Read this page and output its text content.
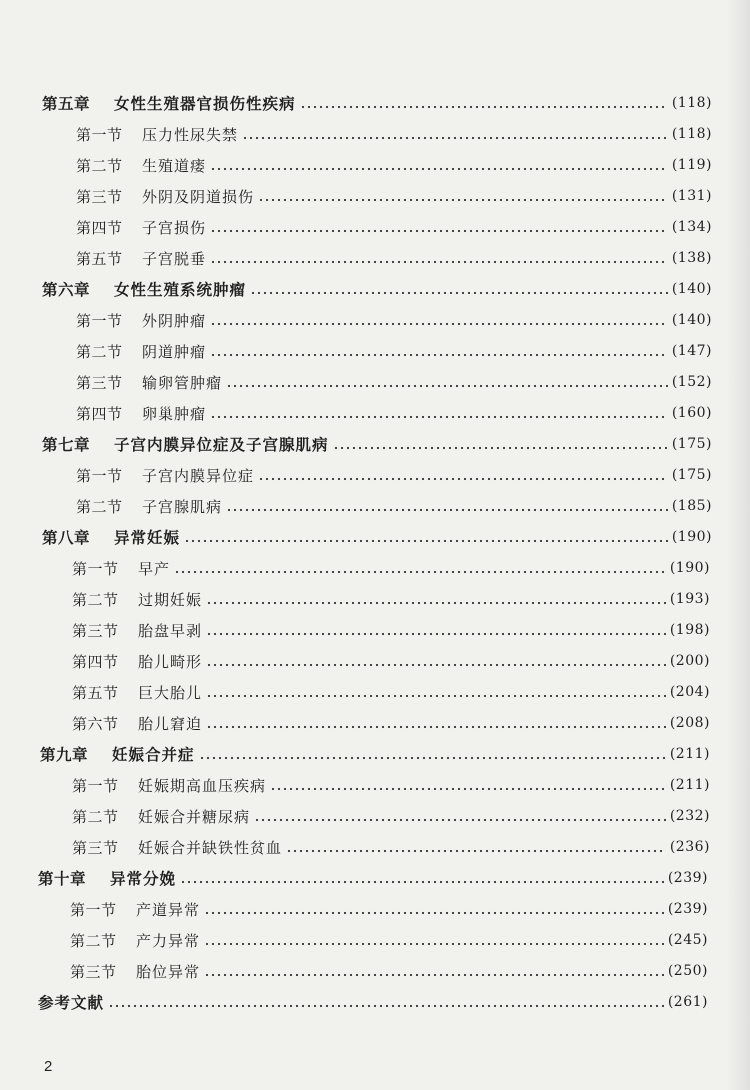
第五章	女性生殖器官损伤性疾病	(118)
第一节	压力性尿失禁	(118)
第二节	生殖道瘘	(119)
第三节	外阴及阴道损伤	(131)
第四节	子宫损伤	(134)
第五节	子宫脱垂	(138)
第六章	女性生殖系统肿瘤	(140)
第一节	外阴肿瘤	(140)
第二节	阴道肿瘤	(147)
第三节	输卵管肿瘤	(152)
第四节	卵巢肿瘤	(160)
第七章	子宫内膜异位症及子宫腺肌病	(175)
第一节	子宫内膜异位症	(175)
第二节	子宫腺肌病	(185)
第八章	异常妊娠	(190)
第一节	早产	(190)
第二节	过期妊娠	(193)
第三节	胎盘早剥	(198)
第四节	胎儿畸形	(200)
第五节	巨大胎儿	(204)
第六节	胎儿窘迫	(208)
第九章	妊娠合并症	(211)
第一节	妊娠期高血压疾病	(211)
第二节	妊娠合并糖尿病	(232)
第三节	妊娠合并缺铁性贫血	(236)
第十章	异常分娩	(239)
第一节	产道异常	(239)
第二节	产力异常	(245)
第三节	胎位异常	(250)
参考文献	(261)
2
